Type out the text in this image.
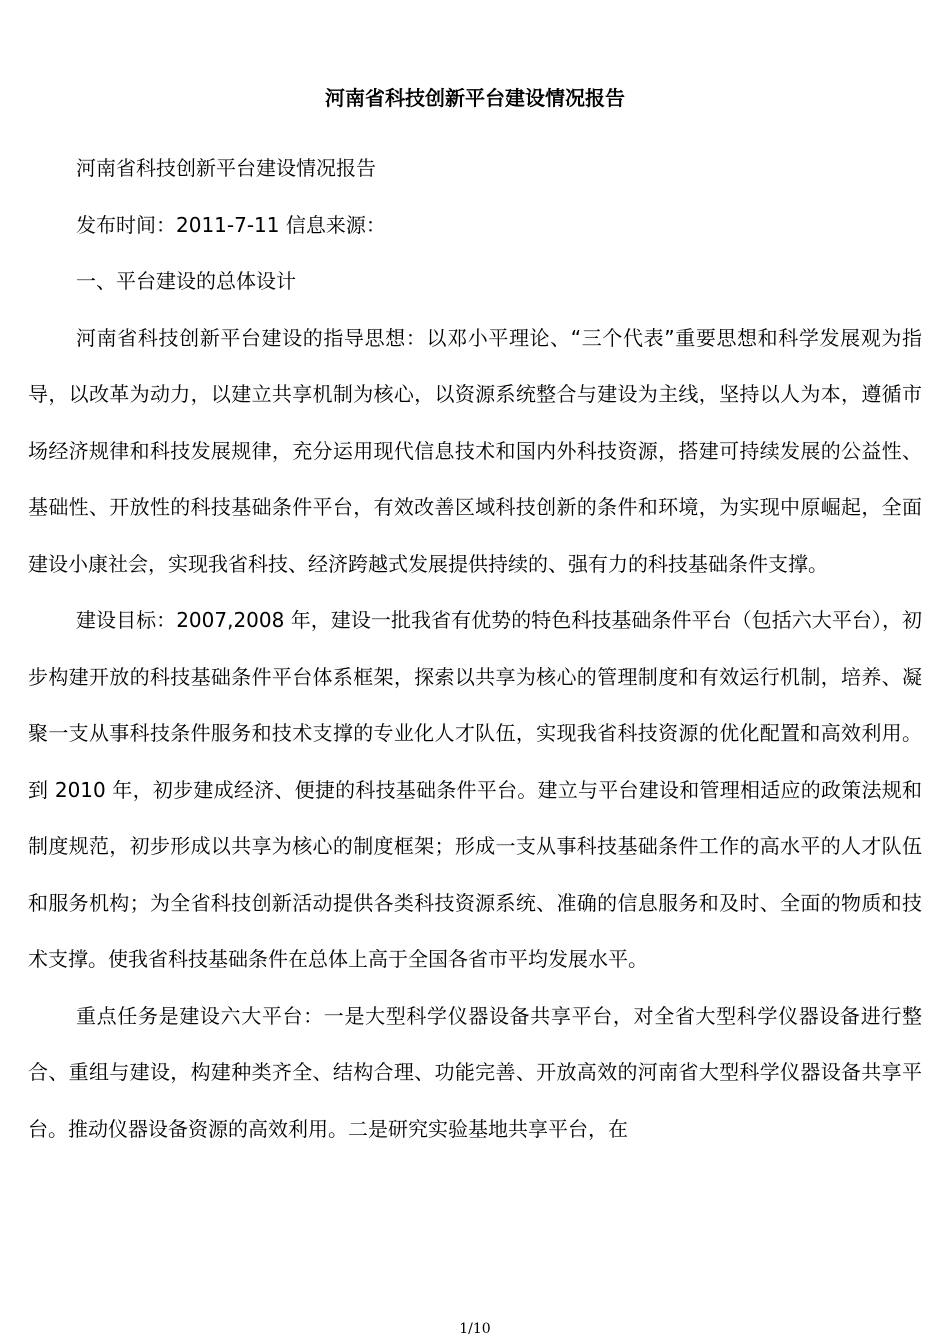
河南省科技创新平台建设情况报告

河南省科技创新平台建设情况报告

发布时间：2011-7-11 信息来源：

一、平台建设的总体设计

河南省科技创新平台建设的指导思想：以邓小平理论、“三个代表”重要思想和科学发展观为指导，以改革为动力，以建立共享机制为核心，以资源系统整合与建设为主线，坚持以人为本，遵循市场经济规律和科技发展规律，充分运用现代信息技术和国内外科技资源，搭建可持续发展的公益性、基础性、开放性的科技基础条件平台，有效改善区域科技创新的条件和环境，为实现中原崛起，全面建设小康社会，实现我省科技、经济跨越式发展提供持续的、强有力的科技基础条件支撑。

建设目标：2007,2008 年，建设一批我省有优势的特色科技基础条件平台（包括六大平台），初步构建开放的科技基础条件平台体系框架，探索以共享为核心的管理制度和有效运行机制，培养、凝聚一支从事科技条件服务和技术支撑的专业化人才队伍，实现我省科技资源的优化配置和高效利用。到 2010 年，初步建成经济、便捷的科技基础条件平台。建立与平台建设和管理相适应的政策法规和制度规范，初步形成以共享为核心的制度框架；形成一支从事科技基础条件工作的高水平的人才队伍和服务机构；为全省科技创新活动提供各类科技资源系统、准确的信息服务和及时、全面的物质和技术支撑。使我省科技基础条件在总体上高于全国各省市平均发展水平。

重点任务是建设六大平台：一是大型科学仪器设备共享平台，对全省大型科学仪器设备进行整合、重组与建设，构建种类齐全、结构合理、功能完善、开放高效的河南省大型科学仪器设备共享平台。推动仪器设备资源的高效利用。二是研究实验基地共享平台，在

1/10
